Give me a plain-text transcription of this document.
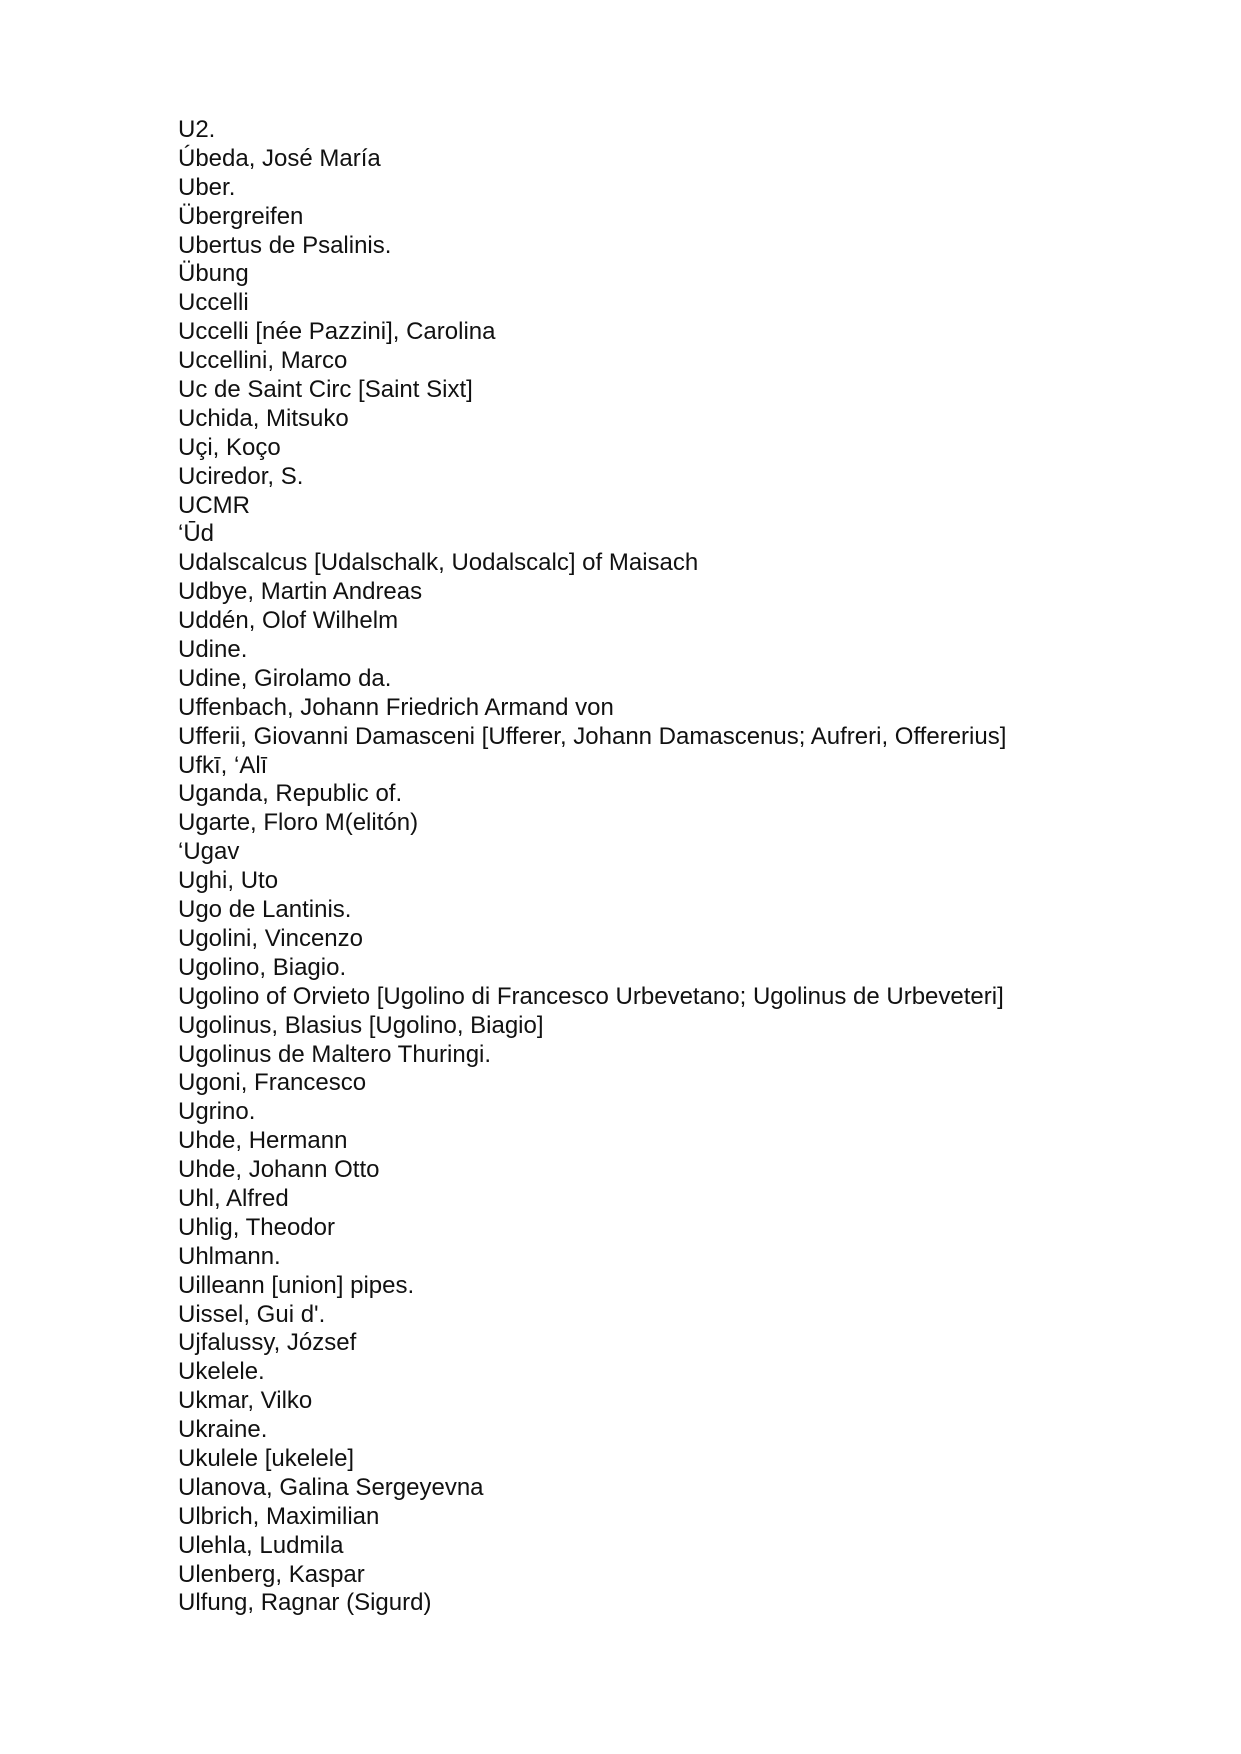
U2.
Úbeda, José María
Uber.
Übergreifen
Ubertus de Psalinis.
Übung
Uccelli
Uccelli [née Pazzini], Carolina
Uccellini, Marco
Uc de Saint Circ [Saint Sixt]
Uchida, Mitsuko
Uçi, Koço
Uciredor, S.
UCMR
‘Ūd
Udalscalcus [Udalschalk, Uodalscalc] of Maisach
Udbye, Martin Andreas
Uddén, Olof Wilhelm
Udine.
Udine, Girolamo da.
Uffenbach, Johann Friedrich Armand von
Ufferii, Giovanni Damasceni [Ufferer, Johann Damascenus; Aufreri, Offererius]
Ufkī, ‘Alī
Uganda, Republic of.
Ugarte, Floro M(elitón)
‘Ugav
Ughi, Uto
Ugo de Lantinis.
Ugolini, Vincenzo
Ugolino, Biagio.
Ugolino of Orvieto [Ugolino di Francesco Urbevetano; Ugolinus de Urbeveteri]
Ugolinus, Blasius [Ugolino, Biagio]
Ugolinus de Maltero Thuringi.
Ugoni, Francesco
Ugrino.
Uhde, Hermann
Uhde, Johann Otto
Uhl, Alfred
Uhlig, Theodor
Uhlmann.
Uilleann [union] pipes.
Uissel, Gui d'.
Ujfalussy, József
Ukelele.
Ukmar, Vilko
Ukraine.
Ukulele [ukelele]
Ulanova, Galina Sergeyevna
Ulbrich, Maximilian
Ulehla, Ludmila
Ulenberg, Kaspar
Ulfung, Ragnar (Sigurd)
